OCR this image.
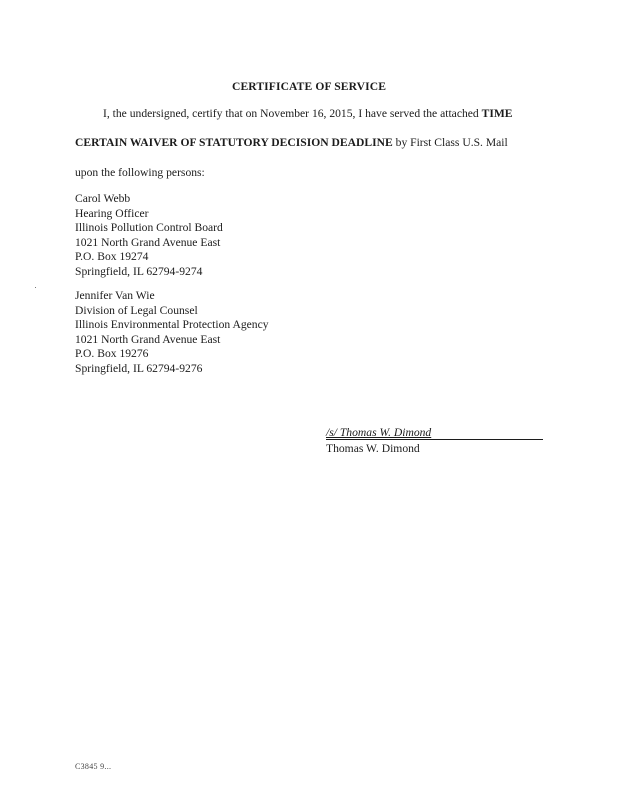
CERTIFICATE OF SERVICE
I, the undersigned, certify that on November 16, 2015, I have served the attached TIME
CERTAIN WAIVER OF STATUTORY DECISION DEADLINE by First Class U.S. Mail
upon the following persons:
Carol Webb
Hearing Officer
Illinois Pollution Control Board
1021 North Grand Avenue East
P.O. Box 19274
Springfield, IL 62794-9274
Jennifer Van Wie
Division of Legal Counsel
Illinois Environmental Protection Agency
1021 North Grand Avenue East
P.O. Box 19276
Springfield, IL 62794-9276
/s/ Thomas W. Dimond
Thomas W. Dimond
C3845 9...
